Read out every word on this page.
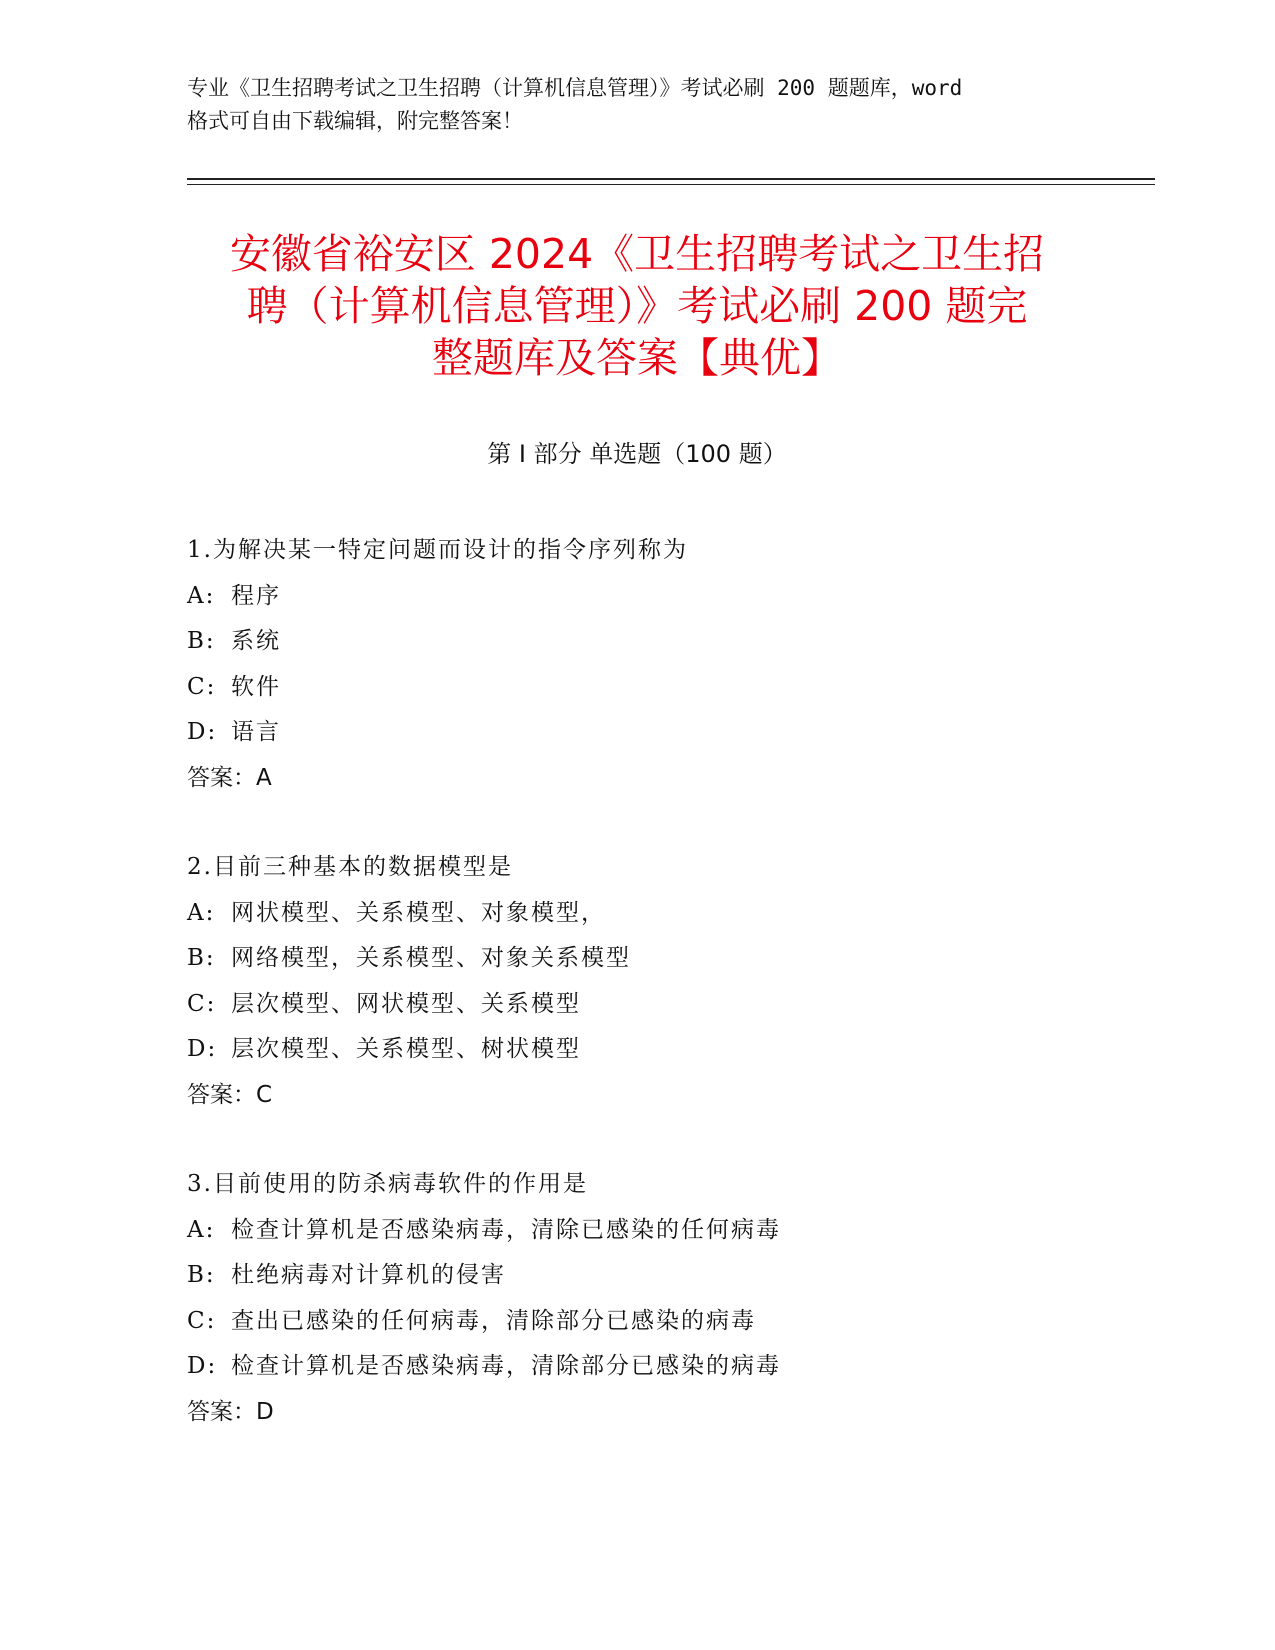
专业《卫生招聘考试之卫生招聘（计算机信息管理）》考试必刷 200 题题库，word
格式可自由下载编辑，附完整答案！
安徽省裕安区 2024《卫生招聘考试之卫生招
聘（计算机信息管理）》考试必刷 200 题完
整题库及答案【典优】
第 I 部分 单选题（100 题）
1.为解决某一特定问题而设计的指令序列称为
A: 程序
B: 系统
C: 软件
D: 语言
答案：A
2.目前三种基本的数据模型是
A: 网状模型、关系模型、对象模型，
B: 网络模型，关系模型、对象关系模型
C: 层次模型、网状模型、关系模型
D: 层次模型、关系模型、树状模型
答案：C
3.目前使用的防杀病毒软件的作用是
A: 检查计算机是否感染病毒，清除已感染的任何病毒
B: 杜绝病毒对计算机的侵害
C: 查出已感染的任何病毒，清除部分已感染的病毒
D: 检查计算机是否感染病毒，清除部分已感染的病毒
答案：D
